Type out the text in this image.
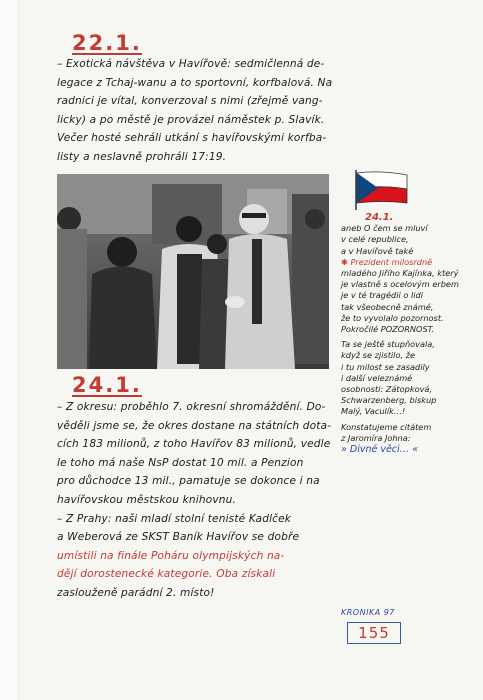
22.1.
– Exotická návštěva v Havířově: sedmičlenná de-
legace z Tchaj-wanu a to sportovní, korfbalová. Na
radnici je vítal, konverzoval s nimi (zřejmě vang-
licky) a po městě je provázel náměstek p. Slavík.
Večer hosté sehráli utkání s havířovskými korfba-
listy a neslavně prohráli 17:19.
24.1.
– Z okresu: proběhlo 7. okresní shromáždění. Do-
věděli jsme se, že okres dostane na státních dota-
cích 183 milionů, z toho Havířov 83 milionů, vedle
le toho má naše NsP dostat 10 mil. a Penzion
pro důchodce 13 mil., pamatuje se dokonce i na
havířovskou městskou knihovnu.
– Z Prahy: naši mladí stolní tenisté Kadlček
a Weberová ze SKST Baník Havířov se dobře
umístili na finále Poháru olympijských na-
dějí dorostenecké kategorie. Oba získali
zaslouženě parádní 2. místo!
24.1.
aneb O čem se mluví
v celé republice,
a v Havířově také
✱ Prezident milosrdně
mladého Jiřího Kajínka, který
je vlastně s ocelovým erbem
je v té tragédii o lidi
tak všeobecně známé,
že to vyvolalo pozornost.
Pokročilé POZORNOST.
Ta se ještě stupňovala,
když se zjistilo, že
i tu milost se zasadily
i další veleznámé
osobnosti: Zátopková,
Schwarzenberg, biskup
Malý, Vaculík…!
Konstatujeme citátem
z Jaromíra Johna:
» Divné věci… «
KRONIKA 97
155
